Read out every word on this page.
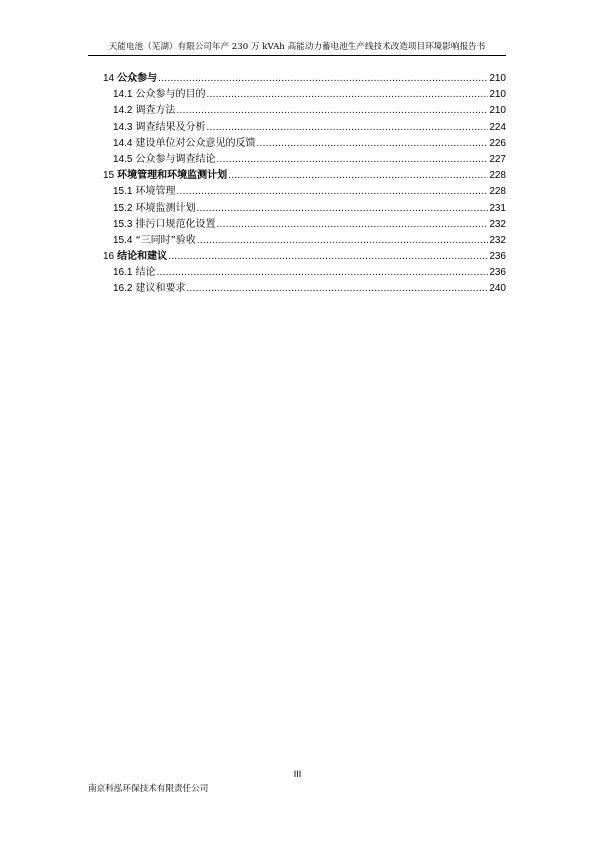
天能电池（芜湖）有限公司年产 230 万 kVAh 高能动力蓄电池生产线技术改造项目环境影响报告书
14 公众参与 .....	210
14.1 公众参与的目的 .....	210
14.2 调查方法 .....	210
14.3 调查结果及分析 .....	224
14.4 建设单位对公众意见的反馈 .....	226
14.5 公众参与调查结论 .....	227
15 环境管理和环境监测计划 .....	228
15.1 环境管理 .....	228
15.2 环境监测计划 .....	231
15.3 排污口规范化设置 .....	232
15.4 “三同时”验收 .....	232
16 结论和建议 .....	236
16.1 结论 .....	236
16.2 建议和要求 .....	240
III
南京科泓环保技术有限责任公司
